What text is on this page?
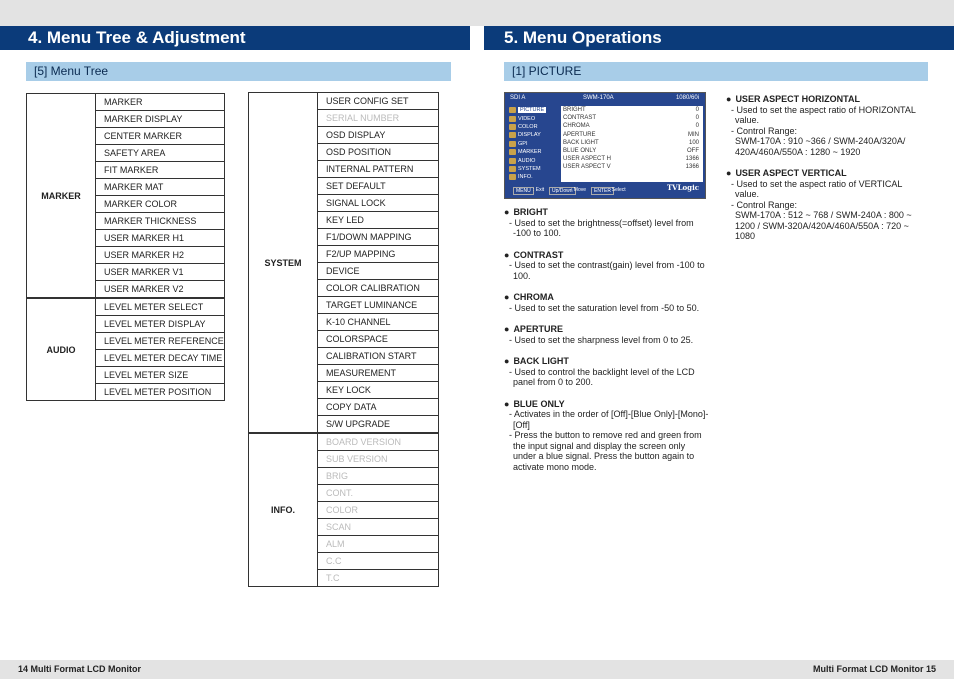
4. Menu Tree & Adjustment	5. Menu Operations
[5] Menu Tree	[1] PICTURE
MARKER	MARKER
	MARKER DISPLAY
	CENTER MARKER
	SAFETY AREA
	FIT MARKER
	MARKER MAT
	MARKER COLOR
	MARKER THICKNESS
	USER MARKER H1
	USER MARKER H2
	USER MARKER V1
	USER MARKER V2
AUDIO	LEVEL METER SELECT
	LEVEL METER DISPLAY
	LEVEL METER REFERENCE
	LEVEL METER DECAY TIME
	LEVEL METER SIZE
	LEVEL METER POSITION
SYSTEM	USER CONFIG SET
	SERIAL NUMBER
	OSD DISPLAY
	OSD POSITION
	INTERNAL PATTERN
	SET DEFAULT
	SIGNAL LOCK
	KEY LED
	F1/DOWN MAPPING
	F2/UP MAPPING
	DEVICE
	COLOR CALIBRATION
	TARGET LUMINANCE
	K-10 CHANNEL
	COLORSPACE
	CALIBRATION START
	MEASUREMENT
	KEY LOCK
	COPY DATA
	S/W UPGRADE
INFO.	BOARD VERSION
	SUB VERSION
	BRIG
	CONT.
	COLOR
	SCAN
	ALM
	C.C
	T.C
SDI A	SWM-170A	1080/60i
PICTURE
VIDEO
COLOR
DISPLAY
GPI
MARKER
AUDIO
SYSTEM
INFO.
BRIGHT	0
CONTRAST	0
CHROMA	0
APERTURE	MIN
BACK LIGHT	100
BLUE ONLY	OFF
USER ASPECT H	1366
USER ASPECT V	1366
MENU : Exit	Up/Down
: Move	ENTER
: Select	TVLogic
● BRIGHT
- Used to set the brightness(=offset) level from -100 to 100.
● CONTRAST
- Used to set the contrast(gain) level from -100 to 100.
● CHROMA
- Used to set the saturation level from -50 to 50.
● APERTURE
- Used to set the sharpness level from 0 to 25.
● BACK LIGHT
- Used to control the backlight level of the LCD panel from 0 to 200.
● BLUE ONLY
- Activates in the order of [Off]-[Blue Only]-[Mono]-[Off]
- Press the button to remove red and green from the input signal and display the screen only under a blue signal. Press the button again to activate mono mode.
● USER ASPECT HORIZONTAL
- Used to set the aspect ratio of HORIZONTAL value.
- Control Range:
SWM-170A : 910 ~366 / SWM-240A/320A/ 420A/460A/550A : 1280 ~ 1920
● USER ASPECT VERTICAL
- Used to set the aspect ratio of VERTICAL value.
- Control Range:
SWM-170A : 512 ~ 768 / SWM-240A : 800 ~ 1200 / SWM-320A/420A/460A/550A : 720 ~ 1080
14 Multi Format LCD Monitor	Multi Format LCD Monitor 15
